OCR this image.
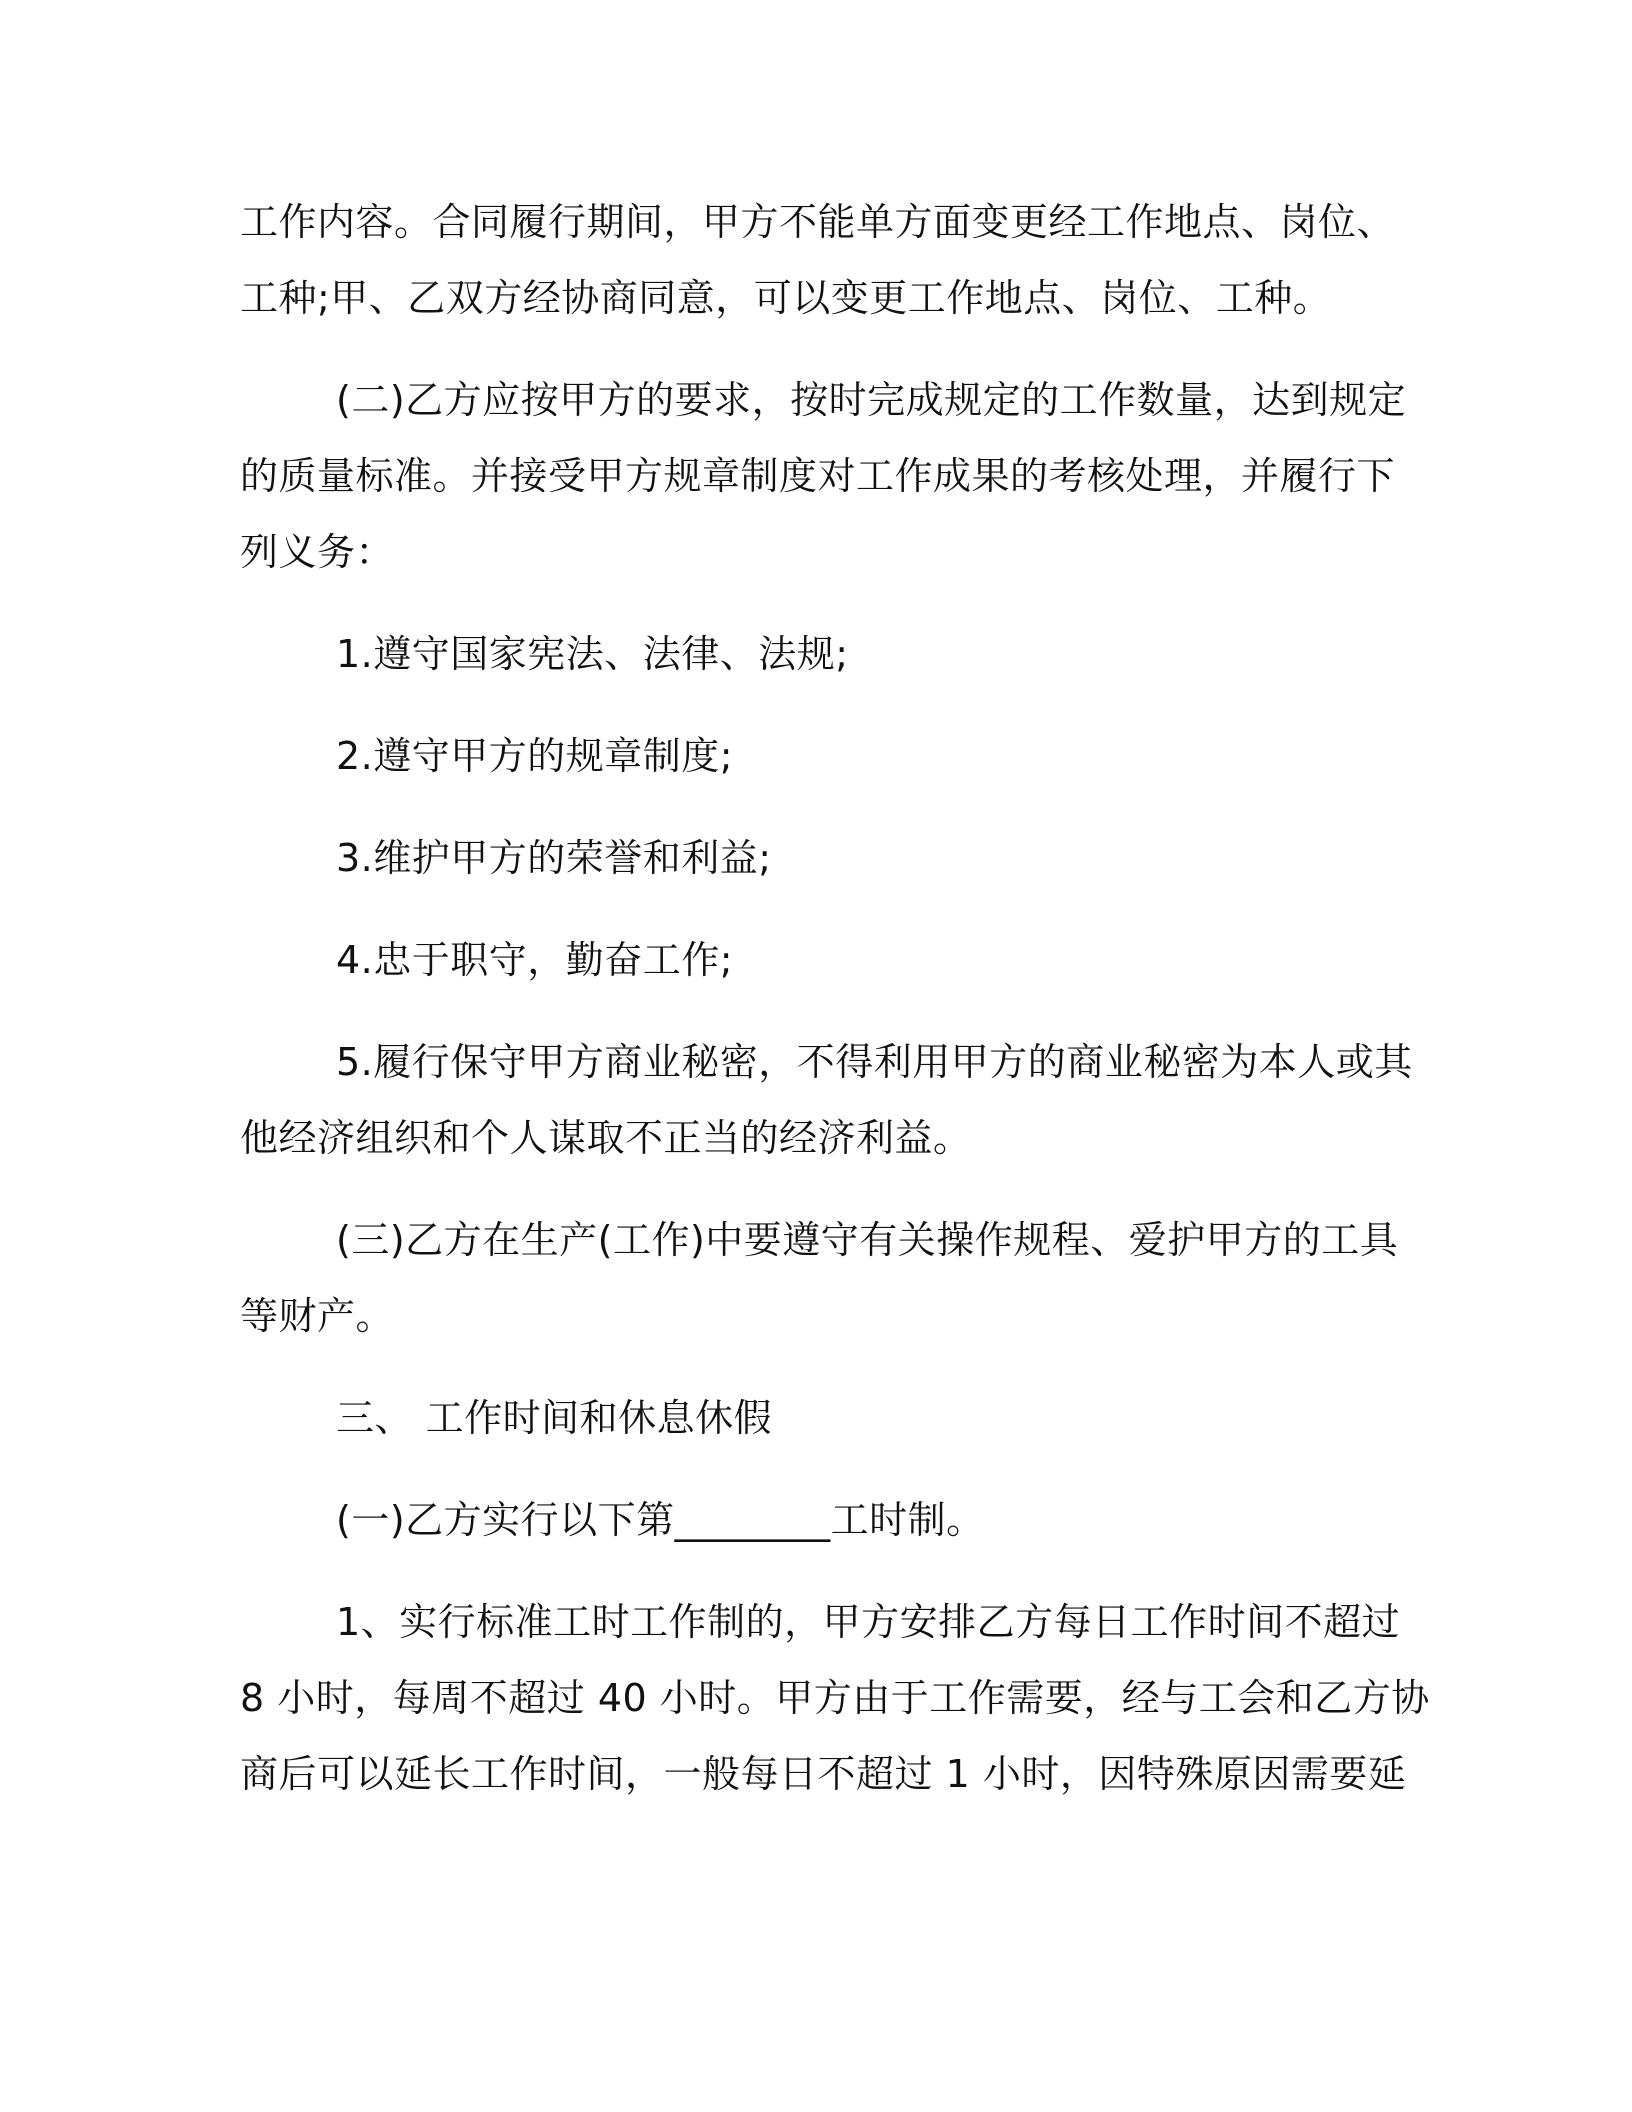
工作内容。合同履行期间，甲方不能单方面变更经工作地点、岗位、
工种;甲、乙双方经协商同意，可以变更工作地点、岗位、工种。
(二)乙方应按甲方的要求，按时完成规定的工作数量，达到规定
的质量标准。并接受甲方规章制度对工作成果的考核处理，并履行下
列义务：
1.遵守国家宪法、法律、法规;
2.遵守甲方的规章制度;
3.维护甲方的荣誉和利益;
4.忠于职守，勤奋工作;
5.履行保守甲方商业秘密，不得利用甲方的商业秘密为本人或其
他经济组织和个人谋取不正当的经济利益。
(三)乙方在生产(工作)中要遵守有关操作规程、爱护甲方的工具
等财产。
三、 工作时间和休息休假
(一)乙方实行以下第________工时制。
1、实行标准工时工作制的，甲方安排乙方每日工作时间不超过
8 小时，每周不超过 40 小时。甲方由于工作需要，经与工会和乙方协
商后可以延长工作时间，一般每日不超过 1 小时，因特殊原因需要延
